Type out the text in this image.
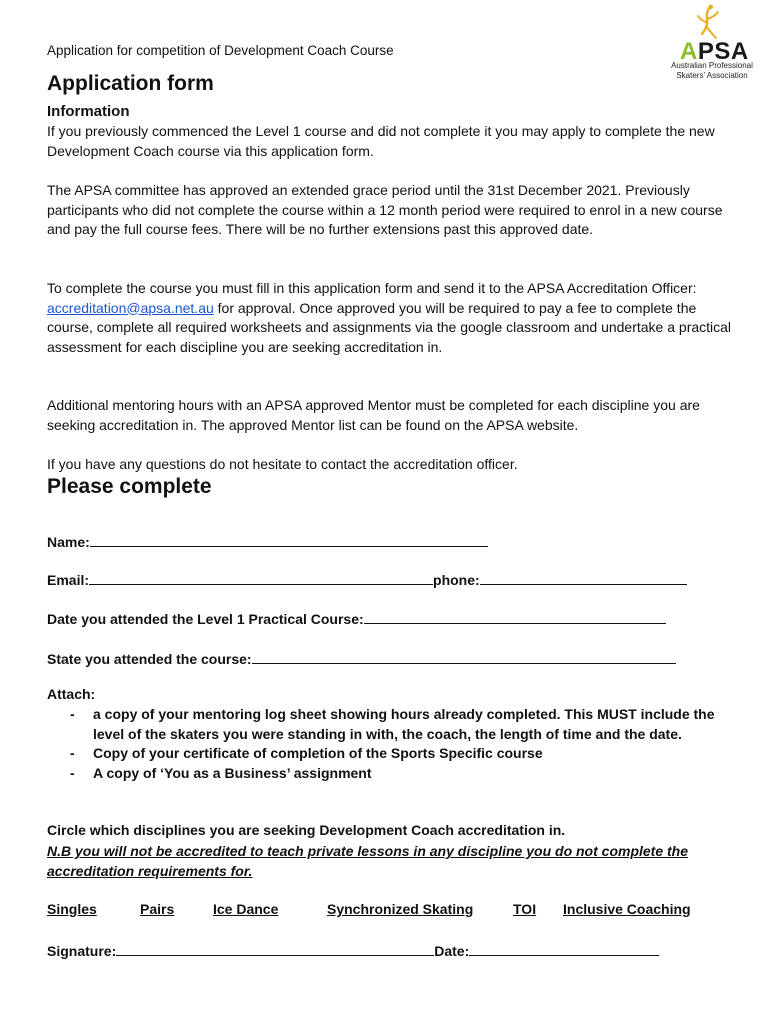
Application for competition of Development Coach Course	APSA
Australian Professional
Skaters' Association
Application form
Information
If you previously commenced the Level 1 course and did not complete it you may apply to complete the new Development Coach course via this application form.
The APSA committee has approved an extended grace period until the 31st December 2021. Previously participants who did not complete the course within a 12 month period were required to enrol in a new course and pay the full course fees. There will be no further extensions past this approved date.
To complete the course you must fill in this application form and send it to the APSA Accreditation Officer: accreditation@apsa.net.au for approval. Once approved you will be required to pay a fee to complete the course, complete all required worksheets and assignments via the google classroom and undertake a practical assessment for each discipline you are seeking accreditation in.
Additional mentoring hours with an APSA approved Mentor must be completed for each discipline you are seeking accreditation in. The approved Mentor list can be found on the APSA website.
If you have any questions do not hesitate to contact the accreditation officer.
Please complete
Name:
Email:	phone:
Date you attended the Level 1 Practical Course:
State you attended the course:
Attach:
- a copy of your mentoring log sheet showing hours already completed. This MUST include the level of the skaters you were standing in with, the coach, the length of time and the date.
- Copy of your certificate of completion of the Sports Specific course
- A copy of ‘You as a Business’ assignment
Circle which disciplines you are seeking Development Coach accreditation in.
N.B you will not be accredited to teach private lessons in any discipline you do not complete the accreditation requirements for.
Singles	Pairs	Ice Dance	Synchronized Skating	TOI Inclusive Coaching
Signature:	Date:
